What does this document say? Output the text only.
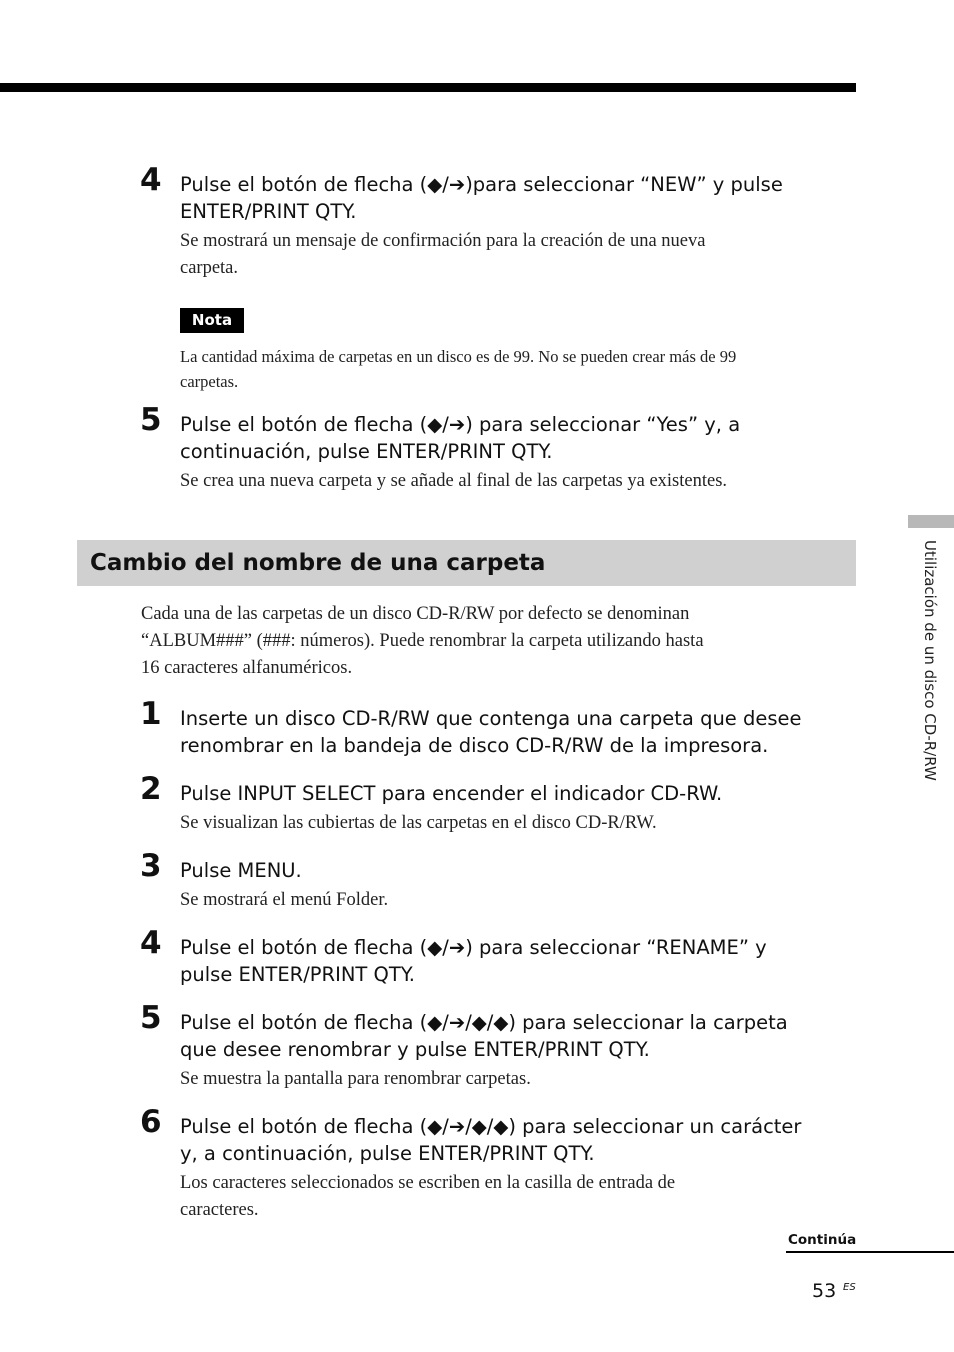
4 Pulse el botón de flecha (◆/➔)para seleccionar “NEW” y pulse
ENTER/PRINT QTY.
Se mostrará un mensaje de confirmación para la creación de una nueva
carpeta.
Nota
La cantidad máxima de carpetas en un disco es de 99. No se pueden crear más de 99
carpetas.
5 Pulse el botón de flecha (◆/➔) para seleccionar “Yes” y, a
continuación, pulse ENTER/PRINT QTY.
Se crea una nueva carpeta y se añade al final de las carpetas ya existentes.
Cambio del nombre de una carpeta
Cada una de las carpetas de un disco CD-R/RW por defecto se denominan
“ALBUM###” (###: números). Puede renombrar la carpeta utilizando hasta
16 caracteres alfanuméricos.
1 Inserte un disco CD-R/RW que contenga una carpeta que desee
renombrar en la bandeja de disco CD-R/RW de la impresora.
2 Pulse INPUT SELECT para encender el indicador CD-RW.
Se visualizan las cubiertas de las carpetas en el disco CD-R/RW.
3 Pulse MENU.
Se mostrará el menú Folder.
4 Pulse el botón de flecha (◆/➔) para seleccionar “RENAME” y
pulse ENTER/PRINT QTY.
5 Pulse el botón de flecha (◆/➔/◆/◆) para seleccionar la carpeta
que desee renombrar y pulse ENTER/PRINT QTY.
Se muestra la pantalla para renombrar carpetas.
6 Pulse el botón de flecha (◆/➔/◆/◆) para seleccionar un carácter
y, a continuación, pulse ENTER/PRINT QTY.
Los caracteres seleccionados se escriben en la casilla de entrada de
caracteres.
Utilización de un disco CD-R/RW
Continúa
53 ES
